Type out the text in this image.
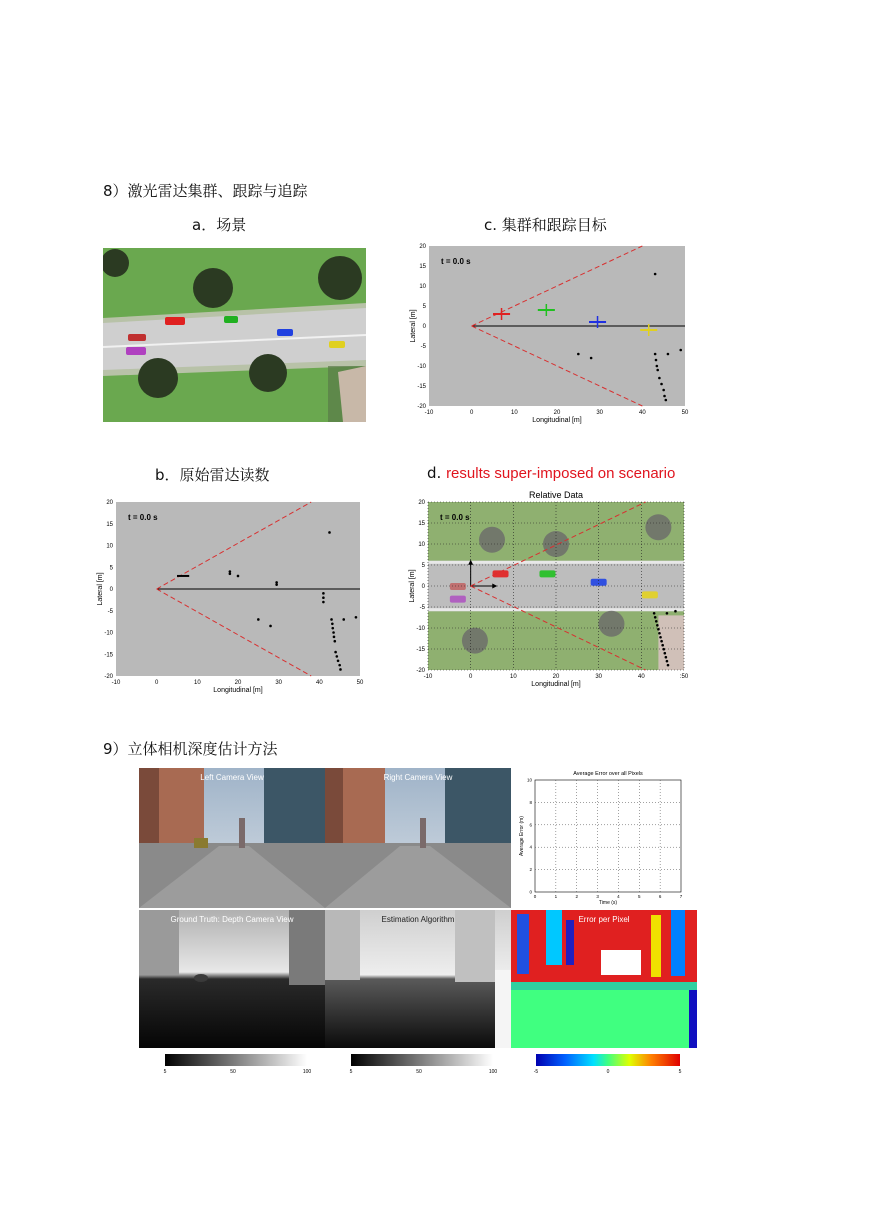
8）激光雷达集群、跟踪与追踪
a．场景	c. 集群和跟踪目标
b．原始雷达读数	d. results super-imposed on scenario
t = 0.0 s
-10	0	10	20	30	40	50
20
15
10
5
0
-5
-10
-15
-20
Longitudinal [m]
Lateral [m]
t = 0.0 s
-10	0	10	20	30	40	50
20
15
10
5
0
-5
-10
-15
-20
Longitudinal [m]
Lateral [m]
Relative Data
t = 0.0 s
-10	0	10	20	30	40	:50
20
15
10
5
0
-5
-10
-15
-20
Longitudinal [m]
Lateral [m]
9）立体相机深度估计方法
Left Camera View	Right Camera View
0	1	2	3	4	5	6	7
10
8
6
4
2
0
Average Error over all Pixels
Time (s)
Average Error (m)
Ground Truth: Depth Camera View	Estimation Algorithm	Error per Pixel
5	50	100	5	50	100	-5	0	5
